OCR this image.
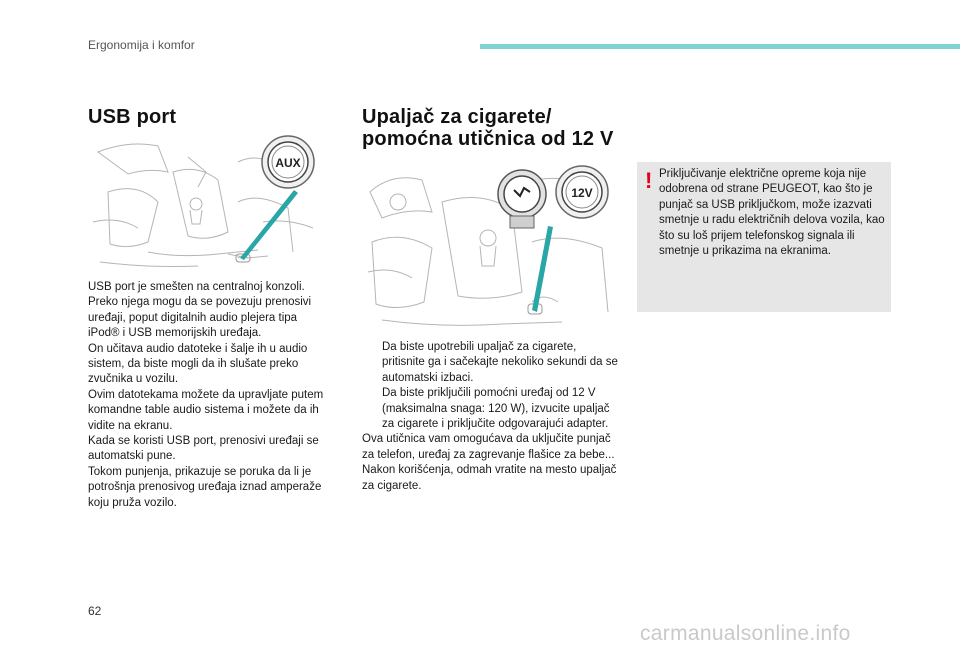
Ergonomija i komfor
USB port
AUX

USB port je smešten na centralnoj konzoli.

Preko njega mogu da se povezuju prenosivi uređaji, poput digitalnih audio plejera tipa iPod® i USB memorijskih uređaja.

On učitava audio datoteke i šalje ih u audio sistem, da biste mogli da ih slušate preko zvučnika u vozilu.

Ovim datotekama možete da upravljate putem komandne table audio sistema i možete da ih vidite na ekranu.

Kada se koristi USB port, prenosivi uređaji se automatski pune.

Tokom punjenja, prikazuje se poruka da li je potrošnja prenosivog uređaja iznad amperaže koju pruža vozilo.

Upaljač za cigarete/
pomoćna utičnica od 12 V
12V
Da biste upotrebili upaljač za cigarete, pritisnite ga i sačekajte nekoliko sekundi da se automatski izbaci.
Da biste priključili pomoćni uređaj od 12 V (maksimalna snaga: 120 W), izvucite upaljač za cigarete i priključite odgovarajući adapter.

Ova utičnica vam omogućava da uključite punjač za telefon, uređaj za zagrevanje flašice za bebe...

Nakon korišćenja, odmah vratite na mesto upaljač za cigarete.

! Priključivanje električne opreme koja nije odobrena od strane PEUGEOT, kao što je punjač sa USB priključkom, može izazvati smetnje u radu električnih delova vozila, kao što su loš prijem telefonskog signala ili smetnje u prikazima na ekranima.
62
carmanualsonline.info
